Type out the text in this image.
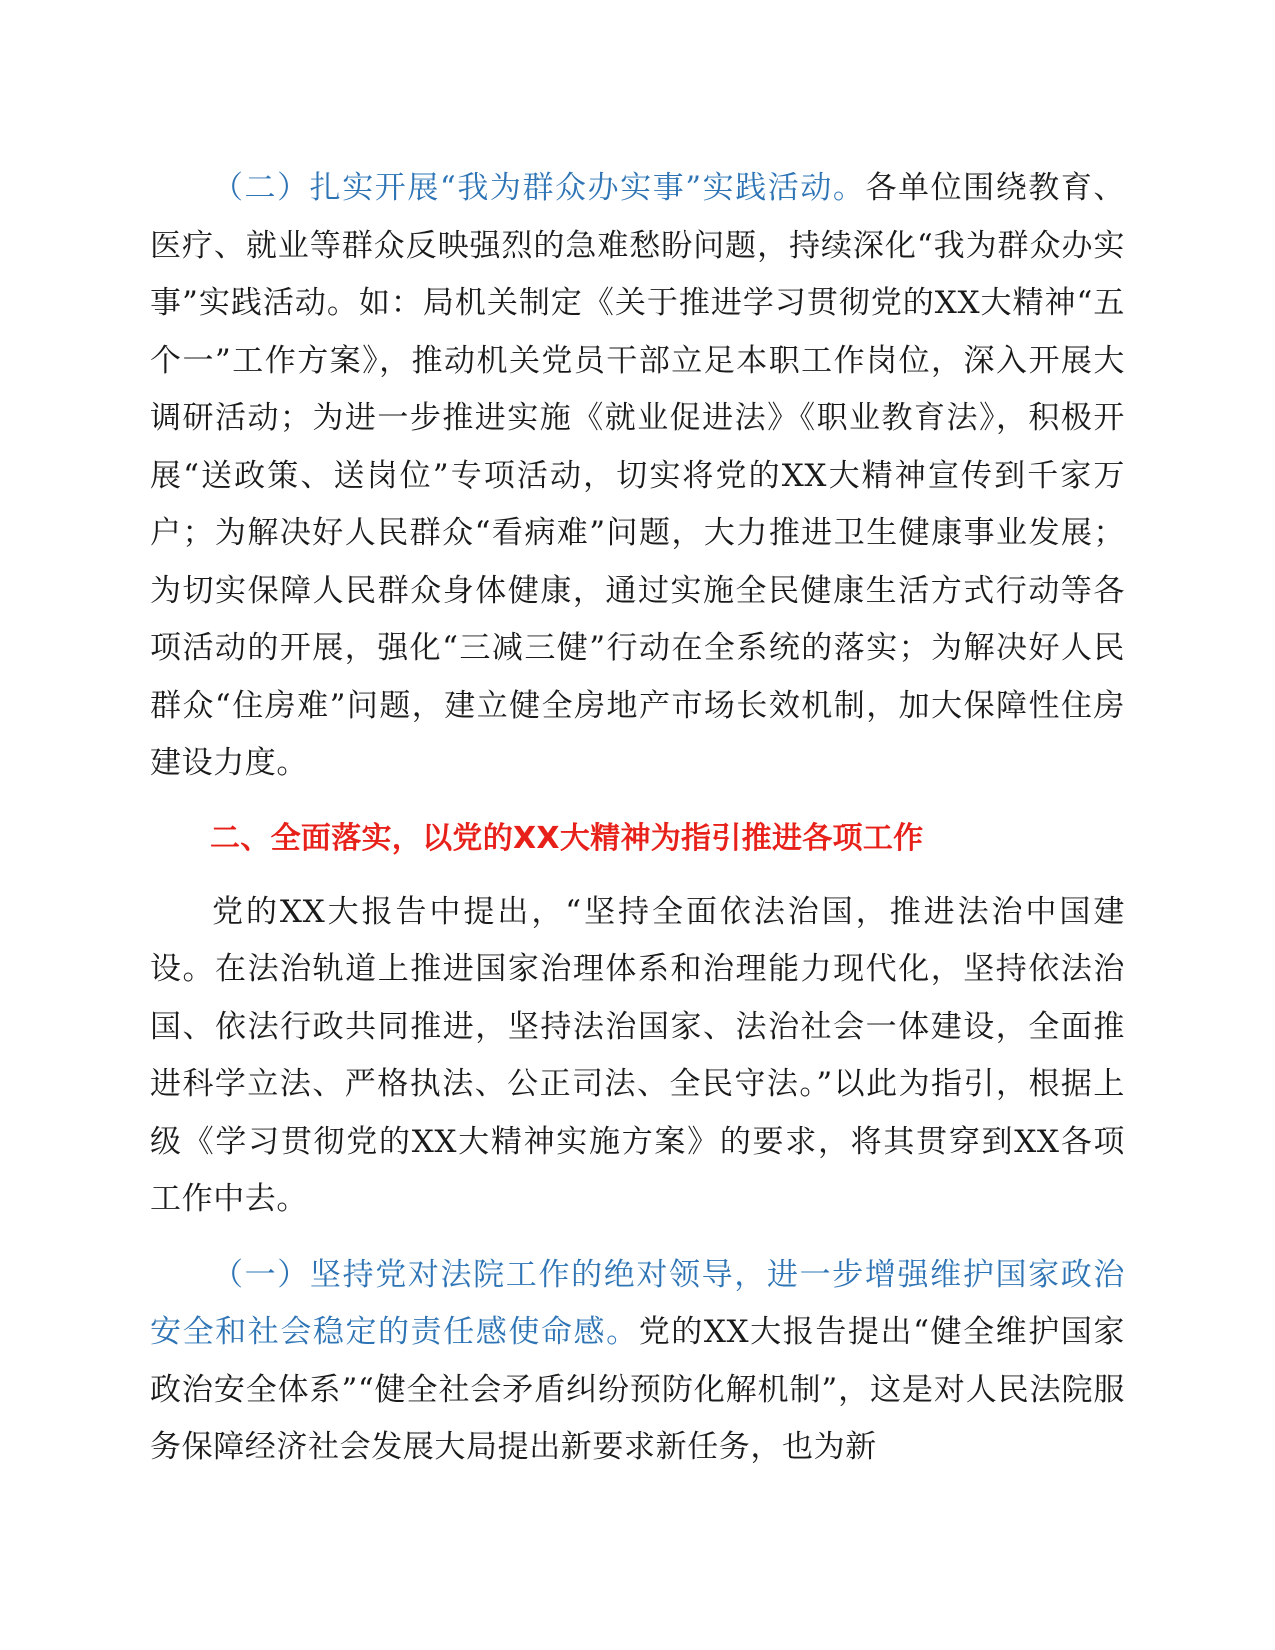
（二）扎实开展“我为群众办实事”实践活动。各单位围绕教育、医疗、就业等群众反映强烈的急难愁盼问题，持续深化“我为群众办实事”实践活动。如：局机关制定《关于推进学习贯彻党的XX大精神“五个一”工作方案》，推动机关党员干部立足本职工作岗位，深入开展大调研活动；为进一步推进实施《就业促进法》《职业教育法》，积极开展“送政策、送岗位”专项活动，切实将党的XX大精神宣传到千家万户；为解决好人民群众“看病难”问题，大力推进卫生健康事业发展；为切实保障人民群众身体健康，通过实施全民健康生活方式行动等各项活动的开展，强化“三减三健”行动在全系统的落实；为解决好人民群众“住房难”问题，建立健全房地产市场长效机制，加大保障性住房建设力度。

二、全面落实，以党的XX大精神为指引推进各项工作

党的XX大报告中提出，“坚持全面依法治国，推进法治中国建设。在法治轨道上推进国家治理体系和治理能力现代化，坚持依法治国、依法行政共同推进，坚持法治国家、法治社会一体建设，全面推进科学立法、严格执法、公正司法、全民守法。”以此为指引，根据上级《学习贯彻党的XX大精神实施方案》的要求，将其贯穿到XX各项工作中去。

（一）坚持党对法院工作的绝对领导，进一步增强维护国家政治安全和社会稳定的责任感使命感。党的XX大报告提出“健全维护国家政治安全体系”“健全社会矛盾纠纷预防化解机制”，这是对人民法院服务保障经济社会发展大局提出新要求新任务，也为新
